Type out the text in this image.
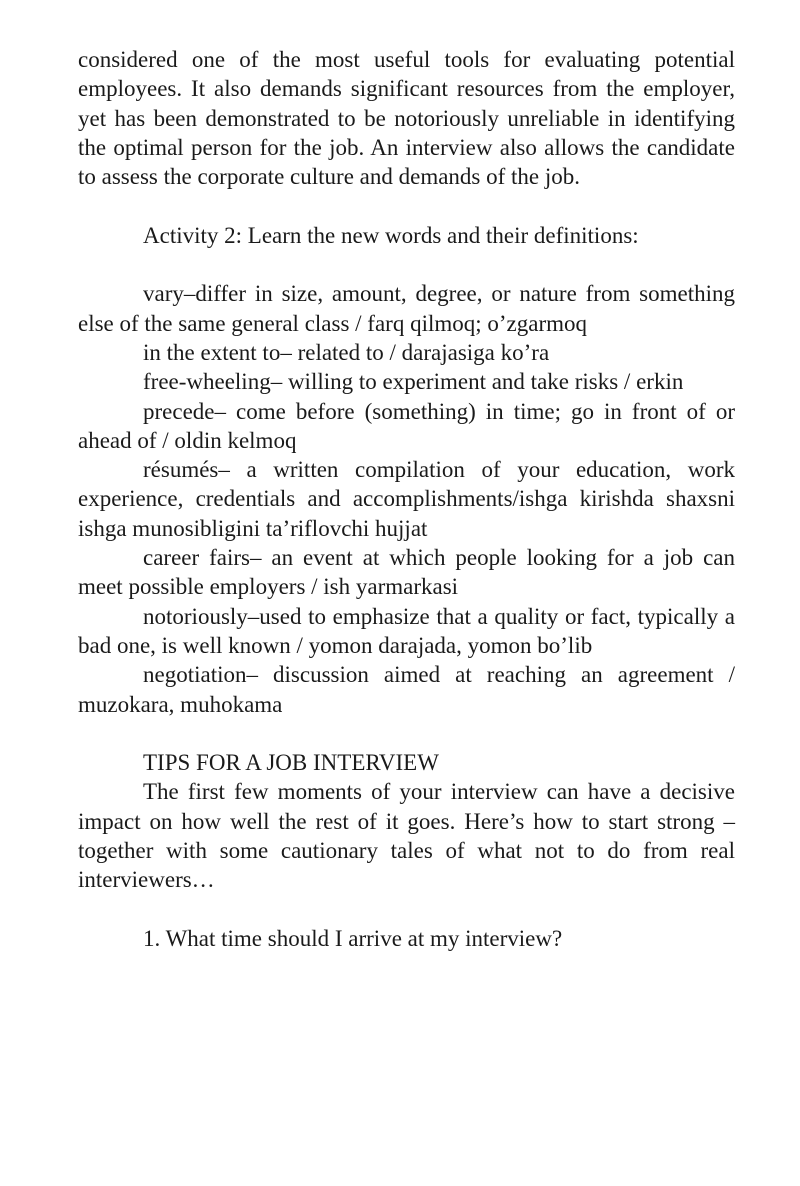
considered one of the most useful tools for evaluating potential employees. It also demands significant resources from the employer, yet has been demonstrated to be notoriously unreliable in identifying the optimal person for the job. An interview also allows the candidate to assess the corporate culture and demands of the job.

Activity 2: Learn the new words and their definitions:

vary–differ in size, amount, degree, or nature from something else of the same general class / farq qilmoq; o’zgarmoq

in the extent to– related to / darajasiga ko’ra

free-wheeling– willing to experiment and take risks / erkin

precede– come before (something) in time; go in front of or ahead of / oldin kelmoq

résumés– a written compilation of your education, work experience, credentials and accomplishments/ishga kirishda shaxsni ishga munosibligini ta’riflovchi hujjat

career fairs– an event at which people looking for a job can meet possible employers / ish yarmarkasi

notoriously–used to emphasize that a quality or fact, typically a bad one, is well known / yomon darajada, yomon bo’lib

negotiation– discussion aimed at reaching an agreement / muzokara, muhokama

TIPS FOR A JOB INTERVIEW

The first few moments of your interview can have a decisive impact on how well the rest of it goes. Here’s how to start strong – together with some cautionary tales of what not to do from real interviewers…

1. What time should I arrive at my interview?
